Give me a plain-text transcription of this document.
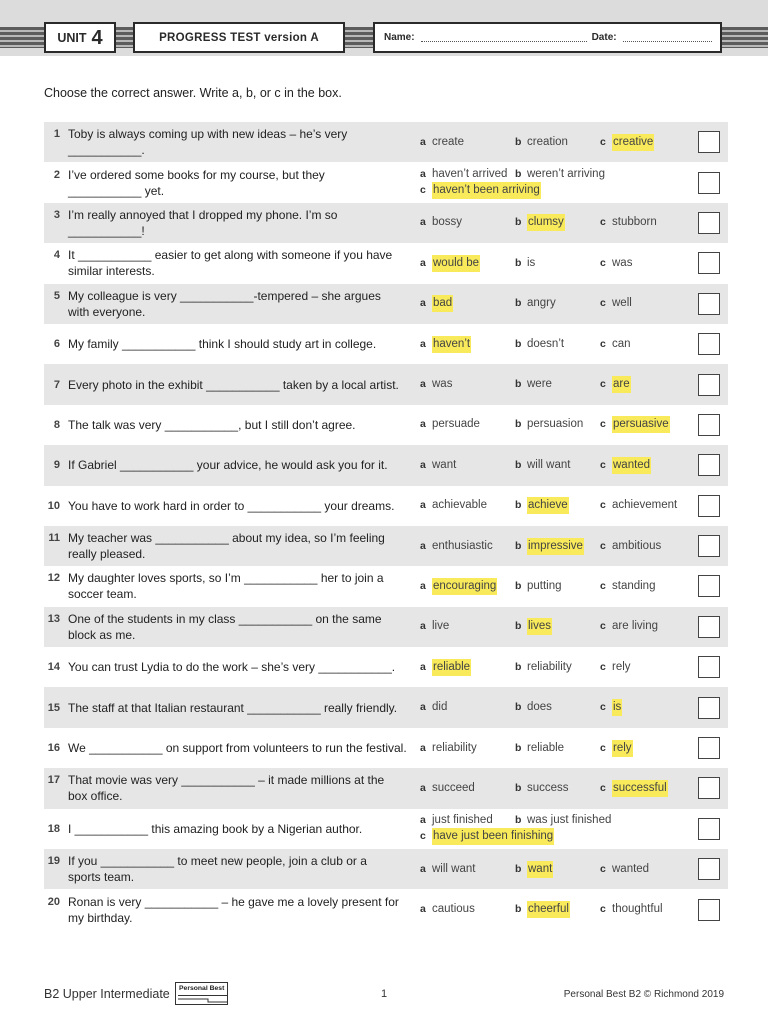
UNIT 4	PROGRESS TEST version A	Name:	Date:
Choose the correct answer. Write a, b, or c in the box.
1 Toby is always coming up with new ideas – he’s very
___________.
a create	b creation	c creative
2 I’ve ordered some books for my course, but they
___________ yet.
a haven’t arrived b weren’t arriving
c haven’t been arriving
3 I’m really annoyed that I dropped my phone. I’m so
___________!
a bossy	b clumsy	c stubborn
4 It ___________ easier to get along with someone if you have
similar interests.
a would be	b is	c was
5 My colleague is very ___________-tempered – she argues
with everyone.
a bad	b angry	c well
6 My family ___________ think I should study art in college.	a haven’t	b doesn’t	c can
7 Every photo in the exhibit ___________ taken by a local artist.	a was	b were	c are
8 The talk was very ___________, but I still don’t agree.	a persuade	b persuasion c persuasive
9 If Gabriel ___________ your advice, he would ask you for it.	a want	b will want	c wanted
10 You have to work hard in order to ___________ your dreams.	a achievable	b achieve	c achievement
11 My teacher was ___________ about my idea, so I’m feeling
really pleased.
a enthusiastic b impressive c ambitious
12 My daughter loves sports, so I’m ___________ her to join a
soccer team.
a encouraging b putting	c standing
13 One of the students in my class ___________ on the same
block as me.
a live	b lives	c are living
14 You can trust Lydia to do the work – she’s very ___________.	a reliable	b reliability	c rely
15 The staff at that Italian restaurant ___________ really friendly.	a did	b does	c is
16 We ___________ on support from volunteers to run the festival.	a reliability	b reliable	c rely
17 That movie was very ___________ – it made millions at the
box office.
a succeed	b success	c successful
18 I ___________ this amazing book by a Nigerian author.
a just finished b was just finished
c have just been finishing
19 If you ___________ to meet new people, join a club or a
sports team.
a will want	b want	c wanted
20 Ronan is very ___________ – he gave me a lovely present for
my birthday.
a cautious	b cheerful	c thoughtful
B2 Upper Intermediate Personal Best	1	Personal Best B2 © Richmond 2019
